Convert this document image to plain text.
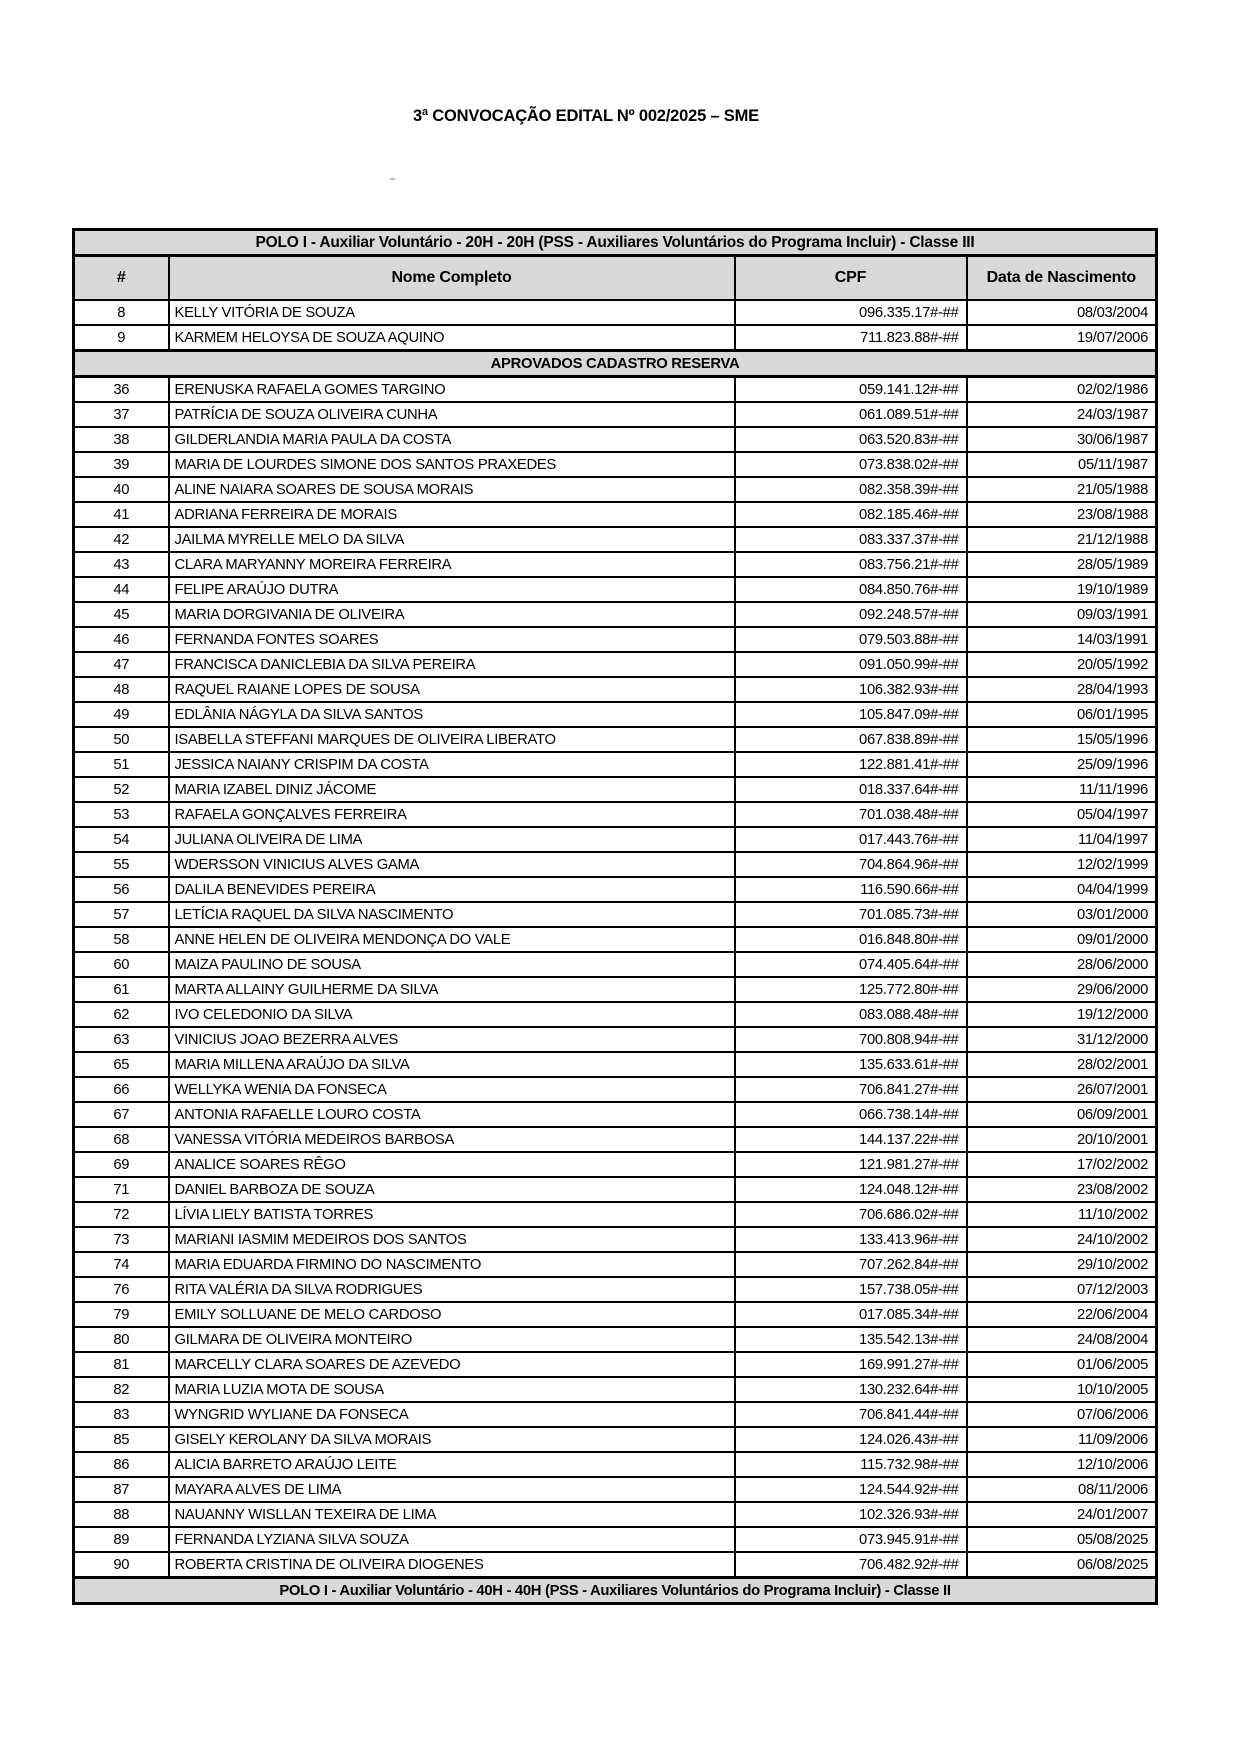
3ª CONVOCAÇÃO EDITAL Nº 002/2025 – SME
POLO I - Auxiliar Voluntário - 20H - 20H (PSS - Auxiliares Voluntários do Programa Incluir) - Classe III			
#	Nome Completo	CPF	Data de Nascimento
8	KELLY VITÓRIA DE SOUZA	096.335.17#-##	08/03/2004
9	KARMEM HELOYSA DE SOUZA AQUINO	711.823.88#-##	19/07/2006
APROVADOS CADASTRO RESERVA			
36	ERENUSKA RAFAELA GOMES TARGINO	059.141.12#-##	02/02/1986
37	PATRÍCIA DE SOUZA OLIVEIRA CUNHA	061.089.51#-##	24/03/1987
38	GILDERLANDIA MARIA PAULA DA COSTA	063.520.83#-##	30/06/1987
39	MARIA DE LOURDES SIMONE DOS SANTOS PRAXEDES	073.838.02#-##	05/11/1987
40	ALINE NAIARA SOARES DE SOUSA MORAIS	082.358.39#-##	21/05/1988
41	ADRIANA FERREIRA DE MORAIS	082.185.46#-##	23/08/1988
42	JAILMA MYRELLE MELO DA SILVA	083.337.37#-##	21/12/1988
43	CLARA MARYANNY MOREIRA FERREIRA	083.756.21#-##	28/05/1989
44	FELIPE ARAÚJO DUTRA	084.850.76#-##	19/10/1989
45	MARIA DORGIVANIA DE OLIVEIRA	092.248.57#-##	09/03/1991
46	FERNANDA FONTES SOARES	079.503.88#-##	14/03/1991
47	FRANCISCA DANICLEBIA DA SILVA PEREIRA	091.050.99#-##	20/05/1992
48	RAQUEL RAIANE LOPES DE SOUSA	106.382.93#-##	28/04/1993
49	EDLÂNIA NÁGYLA DA SILVA SANTOS	105.847.09#-##	06/01/1995
50	ISABELLA STEFFANI MARQUES DE OLIVEIRA LIBERATO	067.838.89#-##	15/05/1996
51	JESSICA NAIANY CRISPIM DA COSTA	122.881.41#-##	25/09/1996
52	MARIA IZABEL DINIZ JÁCOME	018.337.64#-##	11/11/1996
53	RAFAELA GONÇALVES FERREIRA	701.038.48#-##	05/04/1997
54	JULIANA OLIVEIRA DE LIMA	017.443.76#-##	11/04/1997
55	WDERSSON VINICIUS ALVES GAMA	704.864.96#-##	12/02/1999
56	DALILA BENEVIDES PEREIRA	116.590.66#-##	04/04/1999
57	LETÍCIA RAQUEL DA SILVA NASCIMENTO	701.085.73#-##	03/01/2000
58	ANNE HELEN DE OLIVEIRA MENDONÇA DO VALE	016.848.80#-##	09/01/2000
60	MAIZA PAULINO DE SOUSA	074.405.64#-##	28/06/2000
61	MARTA ALLAINY GUILHERME DA SILVA	125.772.80#-##	29/06/2000
62	IVO CELEDONIO DA SILVA	083.088.48#-##	19/12/2000
63	VINICIUS JOAO BEZERRA ALVES	700.808.94#-##	31/12/2000
65	MARIA MILLENA ARAÚJO DA SILVA	135.633.61#-##	28/02/2001
66	WELLYKA WENIA DA FONSECA	706.841.27#-##	26/07/2001
67	ANTONIA RAFAELLE LOURO COSTA	066.738.14#-##	06/09/2001
68	VANESSA VITÓRIA MEDEIROS BARBOSA	144.137.22#-##	20/10/2001
69	ANALICE SOARES RÊGO	121.981.27#-##	17/02/2002
71	DANIEL BARBOZA DE SOUZA	124.048.12#-##	23/08/2002
72	LÍVIA LIELY BATISTA TORRES	706.686.02#-##	11/10/2002
73	MARIANI IASMIM MEDEIROS DOS SANTOS	133.413.96#-##	24/10/2002
74	MARIA EDUARDA FIRMINO DO NASCIMENTO	707.262.84#-##	29/10/2002
76	RITA VALÉRIA DA SILVA RODRIGUES	157.738.05#-##	07/12/2003
79	EMILY SOLLUANE DE MELO CARDOSO	017.085.34#-##	22/06/2004
80	GILMARA DE OLIVEIRA MONTEIRO	135.542.13#-##	24/08/2004
81	MARCELLY CLARA SOARES DE AZEVEDO	169.991.27#-##	01/06/2005
82	MARIA LUZIA MOTA DE SOUSA	130.232.64#-##	10/10/2005
83	WYNGRID WYLIANE DA FONSECA	706.841.44#-##	07/06/2006
85	GISELY KEROLANY DA SILVA MORAIS	124.026.43#-##	11/09/2006
86	ALICIA BARRETO ARAÚJO LEITE	115.732.98#-##	12/10/2006
87	MAYARA ALVES DE LIMA	124.544.92#-##	08/11/2006
88	NAUANNY WISLLAN TEXEIRA DE LIMA	102.326.93#-##	24/01/2007
89	FERNANDA LYZIANA SILVA SOUZA	073.945.91#-##	05/08/2025
90	ROBERTA CRISTINA DE OLIVEIRA DIOGENES	706.482.92#-##	06/08/2025
POLO I - Auxiliar Voluntário - 40H - 40H (PSS - Auxiliares Voluntários do Programa Incluir) - Classe II			
